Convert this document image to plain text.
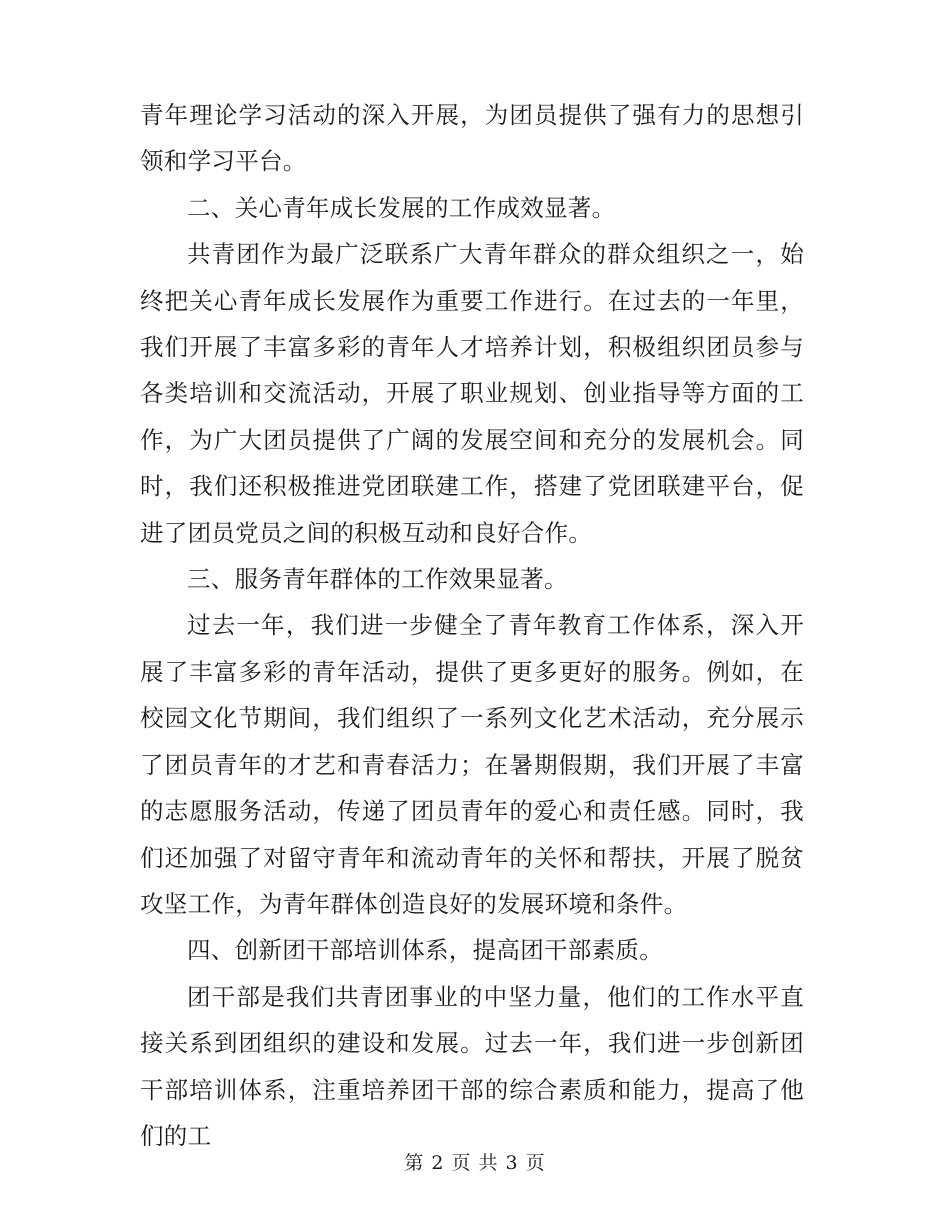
青年理论学习活动的深入开展，为团员提供了强有力的思想引领和学习平台。

二、关心青年成长发展的工作成效显著。

共青团作为最广泛联系广大青年群众的群众组织之一，始终把关心青年成长发展作为重要工作进行。在过去的一年里，我们开展了丰富多彩的青年人才培养计划，积极组织团员参与各类培训和交流活动，开展了职业规划、创业指导等方面的工作，为广大团员提供了广阔的发展空间和充分的发展机会。同时，我们还积极推进党团联建工作，搭建了党团联建平台，促进了团员党员之间的积极互动和良好合作。

三、服务青年群体的工作效果显著。

过去一年，我们进一步健全了青年教育工作体系，深入开展了丰富多彩的青年活动，提供了更多更好的服务。例如，在校园文化节期间，我们组织了一系列文化艺术活动，充分展示了团员青年的才艺和青春活力；在暑期假期，我们开展了丰富的志愿服务活动，传递了团员青年的爱心和责任感。同时，我们还加强了对留守青年和流动青年的关怀和帮扶，开展了脱贫攻坚工作，为青年群体创造良好的发展环境和条件。

四、创新团干部培训体系，提高团干部素质。

团干部是我们共青团事业的中坚力量，他们的工作水平直接关系到团组织的建设和发展。过去一年，我们进一步创新团干部培训体系，注重培养团干部的综合素质和能力，提高了他们的工

第 2 页 共 3 页
